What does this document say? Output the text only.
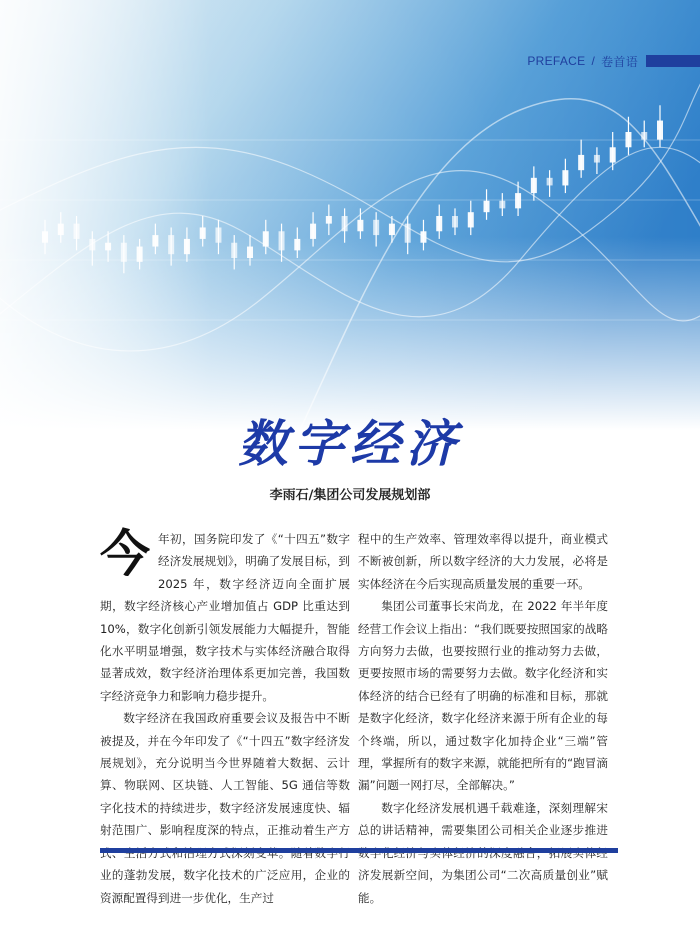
PREFACE / 卷首语
数字经济
李雨石/集团公司发展规划部

今年初，国务院印发了《“十四五”数字经济发展规划》，明确了发展目标，到 2025 年，数字经济迈向全面扩展期，数字经济核心产业增加值占 GDP 比重达到 10%，数字化创新引领发展能力大幅提升，智能化水平明显增强，数字技术与实体经济融合取得显著成效，数字经济治理体系更加完善，我国数字经济竞争力和影响力稳步提升。

数字经济在我国政府重要会议及报告中不断被提及，并在今年印发了《“十四五”数字经济发展规划》，充分说明当今世界随着大数据、云计算、物联网、区块链、人工智能、5G 通信等数字化技术的持续进步，数字经济发展速度快、辐射范围广、影响程度深的特点，正推动着生产方 业的蓬勃发展，数字化技术的广泛应用，企业的资源配置得到进一步优化，生产过

程中的生产效率、管理效率得以提升，商业模式不断被创新，所以数字经济的大力发展，必将是实体经济在今后实现高质量发展的重要一环。

集团公司董事长宋尚龙，在 2022 年半年度经营工作会议上指出：“我们既要按照国家的战略方向努力去做，也要按照行业的推动努力去做，更要按照市场的需要努力去做。数字化经济和实体经济的结合已经有了明确的标准和目标，那就是数字化经济，数字化经济来源于所有企业的每个终端，所以，通过数字化加持企业“三端”管理，掌握所有的数字来源，就能把所有的“跑冒滴漏”问题一网打尽，全部解决。”

数字化经济发展机遇千载难逢，深刻理解宋总的讲话精神，需要集团公司相关企业逐步推进 济发展新空间，为集团公司“二次高质量创业”赋能。
